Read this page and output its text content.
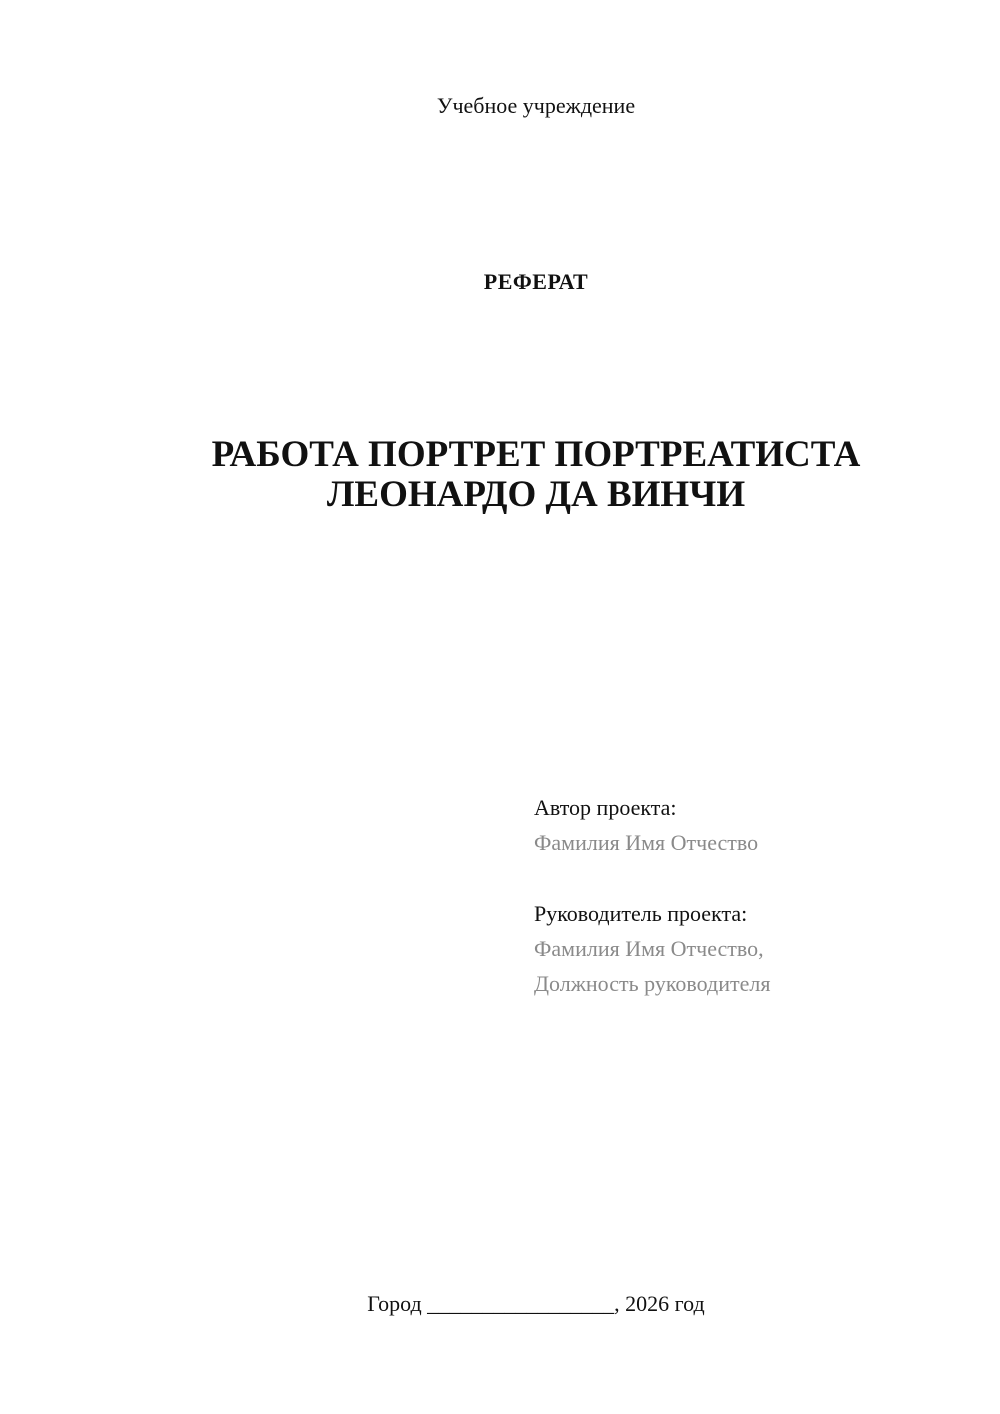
Учебное учреждение
РЕФЕРАТ
РАБОТА ПОРТРЕТ ПОРТРЕАТИСТА
ЛЕОНАРДО ДА ВИНЧИ
Автор проекта:
Фамилия Имя Отчество
Руководитель проекта:
Фамилия Имя Отчество,
Должность руководителя
Город _________________, 2026 год
